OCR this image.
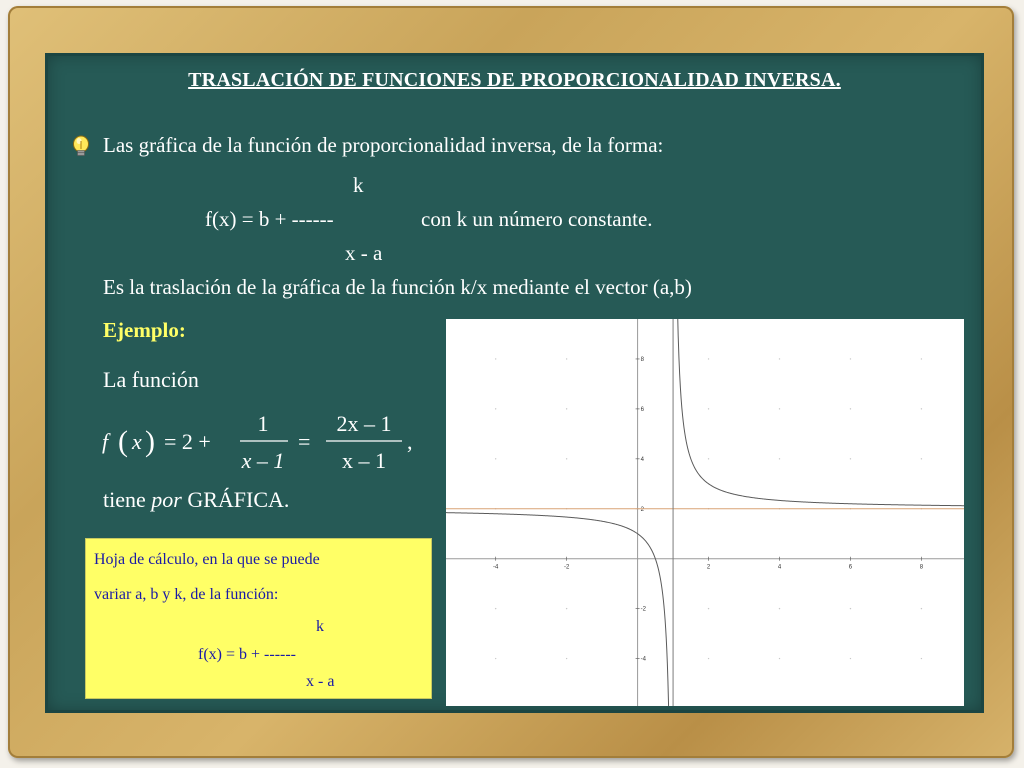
TRASLACIÓN DE FUNCIONES DE PROPORCIONALIDAD INVERSA.
Las gráfica de la función de proporcionalidad inversa, de la forma:
k
f(x) = b + ------	con k un número constante.
x - a
Es la traslación de la gráfica de la función k/x mediante el vector (a,b)
Ejemplo:
La función
f ( x ) = 2 +
1
x – 1
=
2x – 1
x – 1
,
tiene por GRÁFICA.
-4	-2	2	4	6	8
8
6
4
2
-2
-4
Hoja de cálculo, en la que se puede
variar a, b y k, de la función:
k
f(x) = b + ------
x - a
